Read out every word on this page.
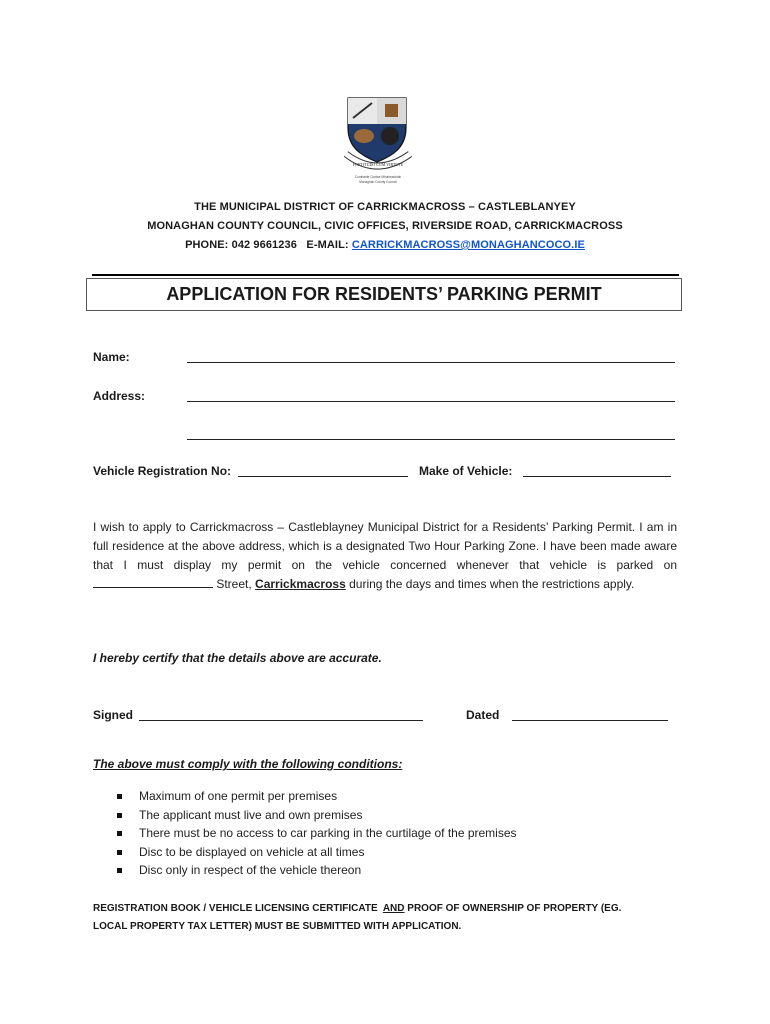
FORTITUDO CUM VIRTUTE
Comhairle Contae Mhuineacháin
Monaghan County Council
THE MUNICIPAL DISTRICT OF CARRICKMACROSS – CASTLEBLANYEY
MONAGHAN COUNTY COUNCIL, CIVIC OFFICES, RIVERSIDE ROAD, CARRICKMACROSS
PHONE: 042 9661236   E-MAIL: CARRICKMACROSS@MONAGHANCOCO.IE
APPLICATION FOR RESIDENTS’ PARKING PERMIT
Name:
Address:
Vehicle Registration No:	Make of Vehicle:
I wish to apply to Carrickmacross – Castleblayney Municipal District for a Residents’ Parking Permit. I am in full residence at the above address, which is a designated Two Hour Parking Zone. I have been made aware that I must display my permit on the vehicle concerned whenever that vehicle is parked on  Street, Carrickmacross during the days and times when the restrictions apply.
I hereby certify that the details above are accurate.
Signed	Dated
The above must comply with the following conditions:
Maximum of one permit per premises
The applicant must live and own premises
There must be no access to car parking in the curtilage of the premises
Disc to be displayed on vehicle at all times
Disc only in respect of the vehicle thereon
REGISTRATION BOOK / VEHICLE LICENSING CERTIFICATE  AND PROOF OF OWNERSHIP OF PROPERTY (EG.
LOCAL PROPERTY TAX LETTER) MUST BE SUBMITTED WITH APPLICATION.
